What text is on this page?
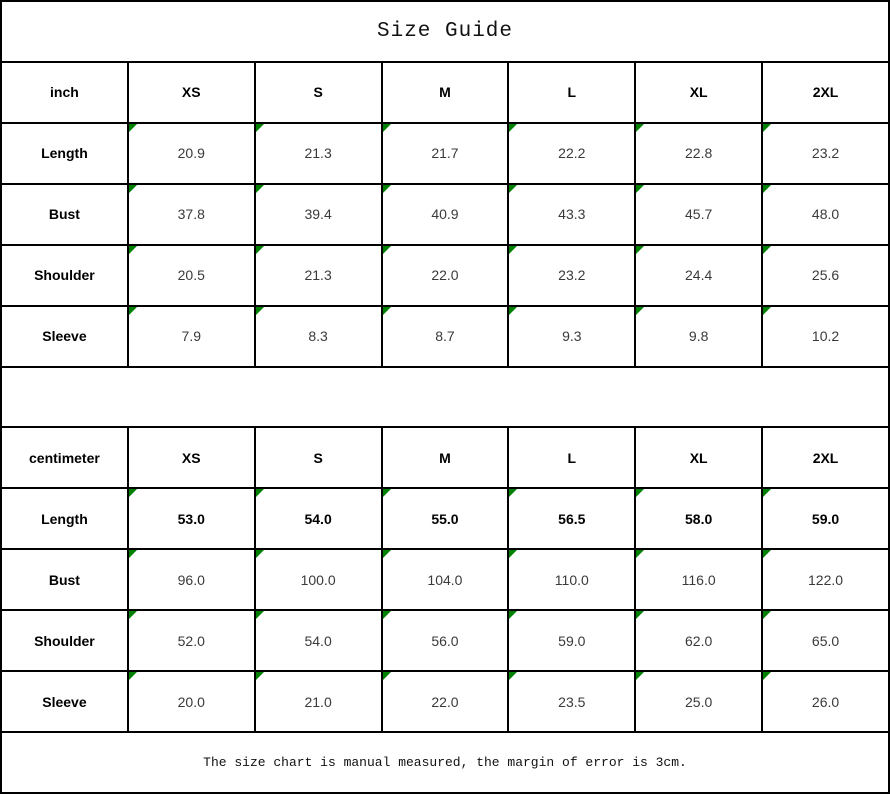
Size Guide						
inch	XS	S	M	L	XL	2XL
Length	20.9	21.3	21.7	22.2	22.8	23.2
Bust	37.8	39.4	40.9	43.3	45.7	48.0
Shoulder	20.5	21.3	22.0	23.2	24.4	25.6
Sleeve	7.9	8.3	8.7	9.3	9.8	10.2

centimeter	XS	S	M	L	XL	2XL
Length	53.0	54.0	55.0	56.5	58.0	59.0
Bust	96.0	100.0	104.0	110.0	116.0	122.0
Shoulder	52.0	54.0	56.0	59.0	62.0	65.0
Sleeve	20.0	21.0	22.0	23.5	25.0	26.0
The size chart is manual measured, the margin of error is 3cm.						
